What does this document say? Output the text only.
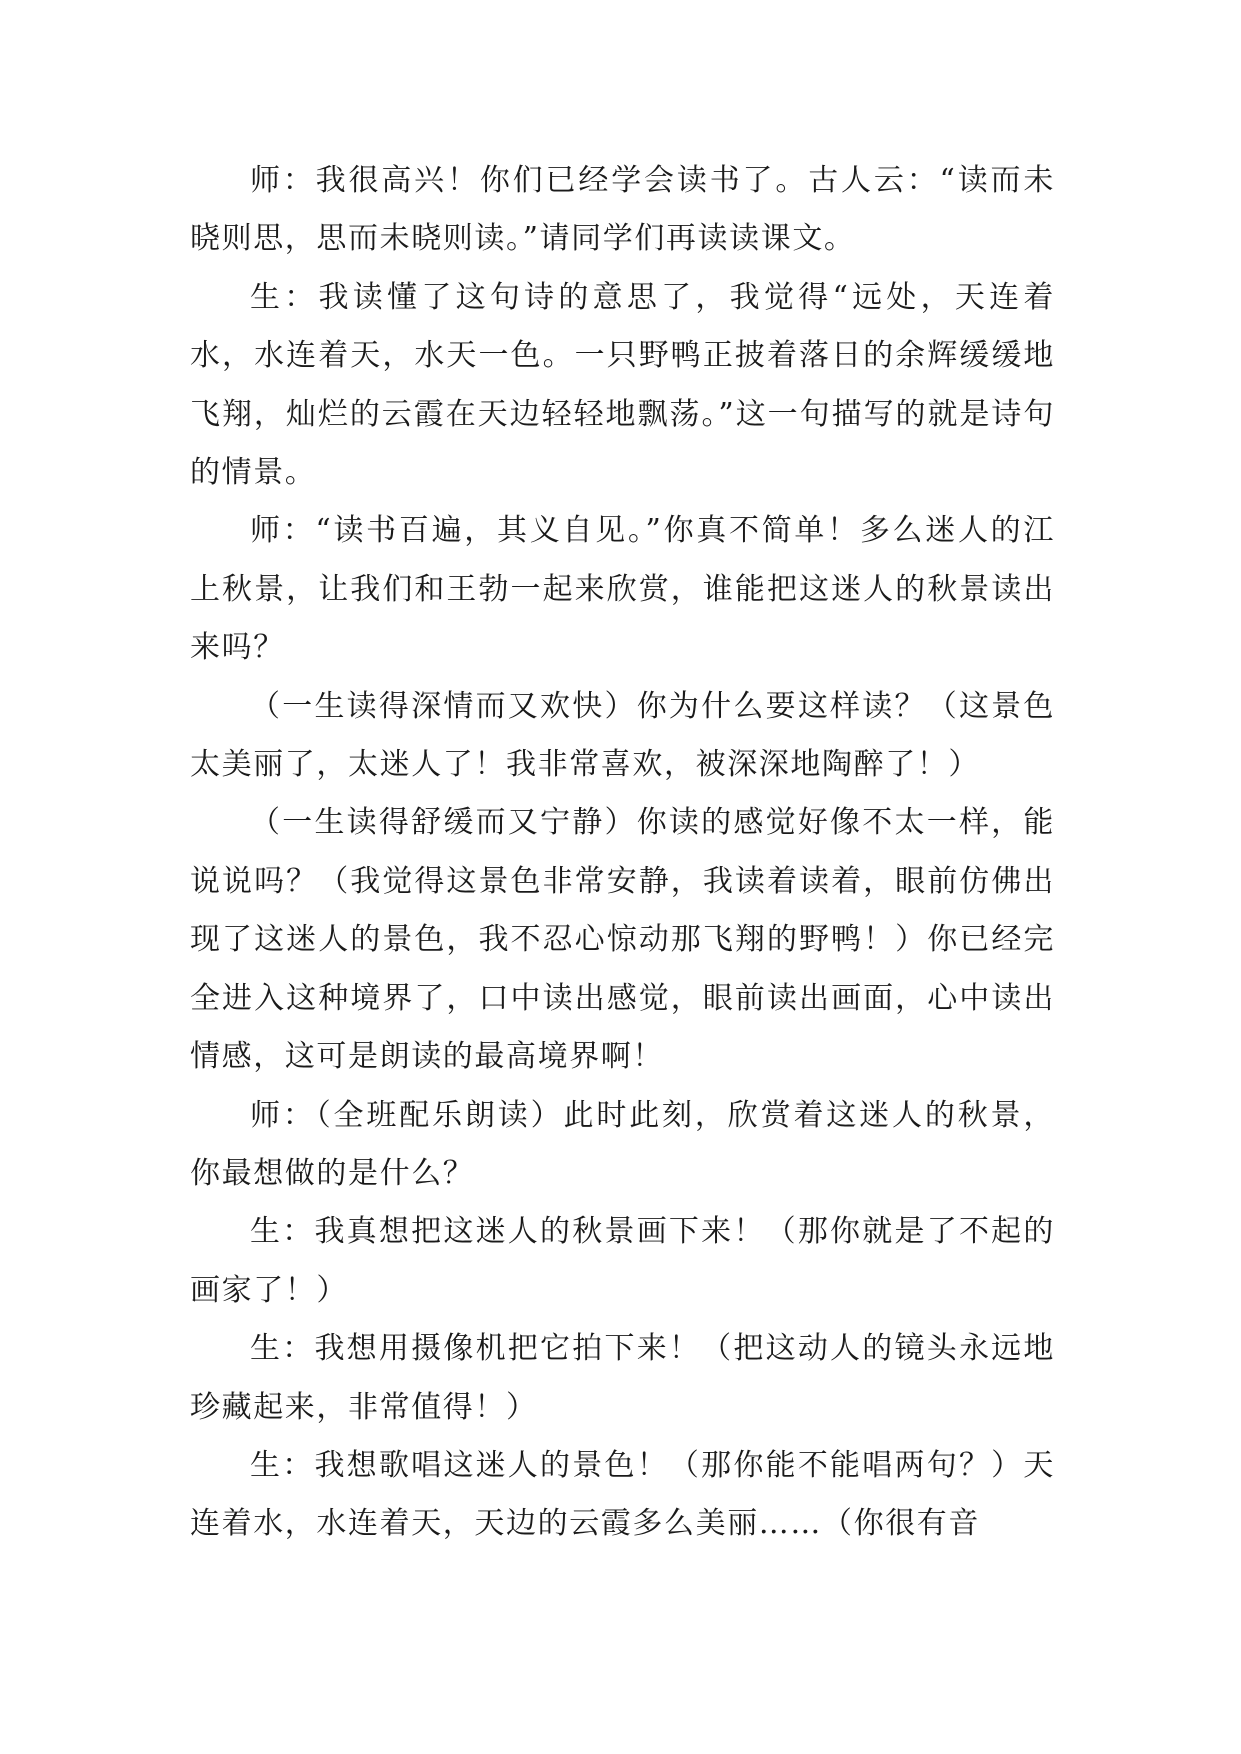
师：我很高兴！你们已经学会读书了。古人云：“读而未晓则思，思而未晓则读。”请同学们再读读课文。

生：我读懂了这句诗的意思了，我觉得“远处，天连着水，水连着天，水天一色。一只野鸭正披着落日的余辉缓缓地飞翔，灿烂的云霞在天边轻轻地飘荡。”这一句描写的就是诗句的情景。

师：“读书百遍，其义自见。”你真不简单！多么迷人的江上秋景，让我们和王勃一起来欣赏，谁能把这迷人的秋景读出来吗？

（一生读得深情而又欢快）你为什么要这样读？（这景色太美丽了，太迷人了！我非常喜欢，被深深地陶醉了！）

（一生读得舒缓而又宁静）你读的感觉好像不太一样，能说说吗？（我觉得这景色非常安静，我读着读着，眼前仿佛出现了这迷人的景色，我不忍心惊动那飞翔的野鸭！）你已经完全进入这种境界了，口中读出感觉，眼前读出画面，心中读出情感，这可是朗读的最高境界啊！

师：（全班配乐朗读）此时此刻，欣赏着这迷人的秋景，你最想做的是什么？

生：我真想把这迷人的秋景画下来！（那你就是了不起的画家了！）

生：我想用摄像机把它拍下来！（把这动人的镜头永远地珍藏起来，非常值得！）

生：我想歌唱这迷人的景色！（那你能不能唱两句？）天连着水，水连着天，天边的云霞多么美丽……（你很有音
